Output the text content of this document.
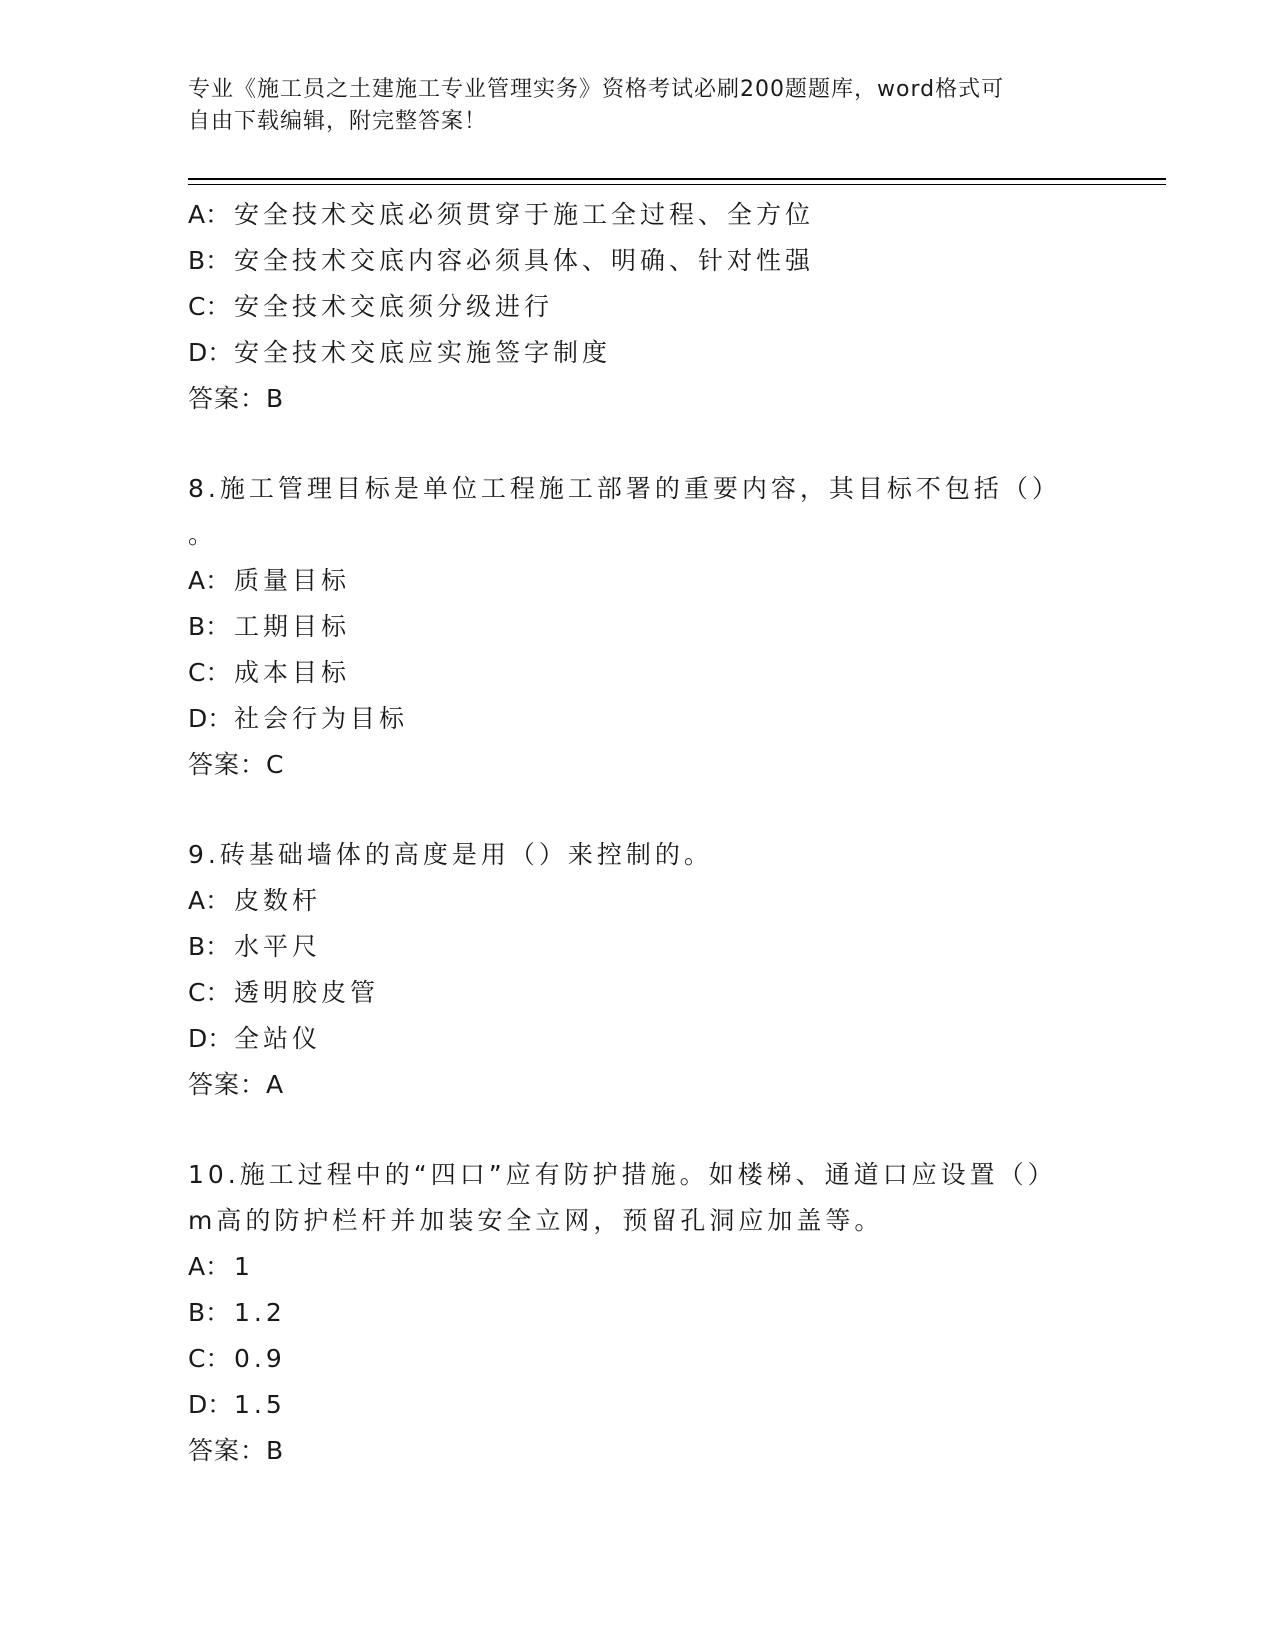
专业《施工员之土建施工专业管理实务》资格考试必刷200题题库，word格式可
自由下载编辑，附完整答案！
A： 安全技术交底必须贯穿于施工全过程、全方位
B： 安全技术交底内容必须具体、明确、针对性强
C： 安全技术交底须分级进行
D：安全技术交底应实施签字制度
答案：B
8.施工管理目标是单位工程施工部署的重要内容，其目标不包括（）
。
A： 质量目标
B： 工期目标
C： 成本目标
D：社会行为目标
答案：C
9.砖基础墙体的高度是用（）来控制的。
A： 皮数杆
B： 水平尺
C： 透明胶皮管
D：全站仪
答案：A
10.施工过程中的“四口”应有防护措施。如楼梯、通道口应设置（）
m高的防护栏杆并加装安全立网，预留孔洞应加盖等。
A： 1
B： 1.2
C： 0.9
D：1.5
答案：B
